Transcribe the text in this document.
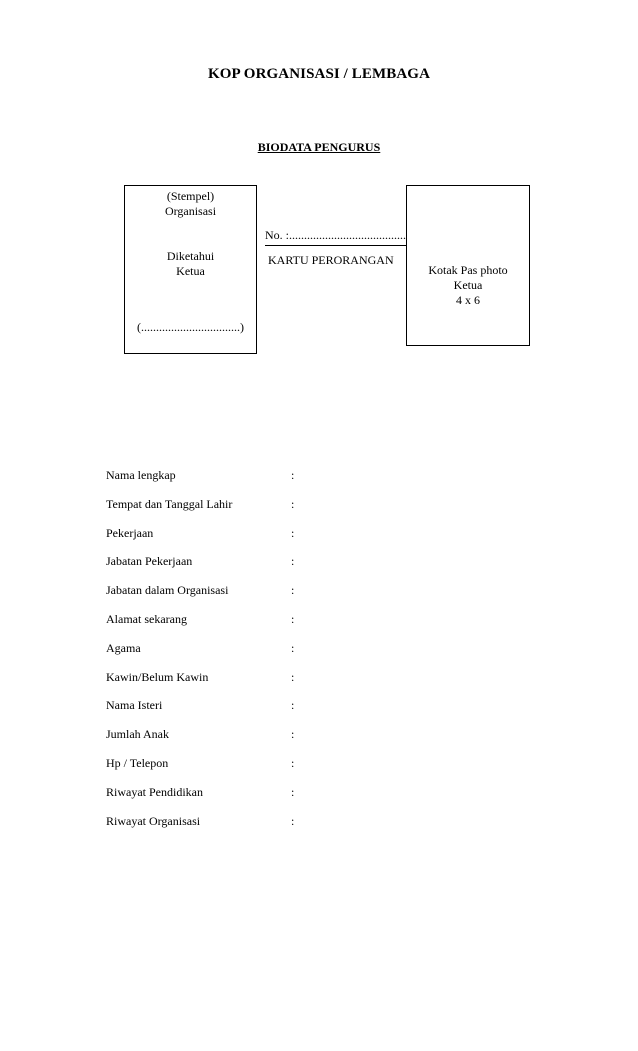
KOP ORGANISASI / LEMBAGA
BIODATA PENGURUS
(Stempel)
Organisasi
Diketahui
Ketua
(.................................)
No. :.......................................
KARTU PERORANGAN
Kotak Pas photo
Ketua
4 x 6
Nama lengkap	:
Tempat dan Tanggal Lahir	:
Pekerjaan	:
Jabatan Pekerjaan	:
Jabatan dalam Organisasi	:
Alamat sekarang	:
Agama	:
Kawin/Belum Kawin	:
Nama Isteri	:
Jumlah Anak	:
Hp / Telepon	:
Riwayat Pendidikan	:
Riwayat Organisasi	:
